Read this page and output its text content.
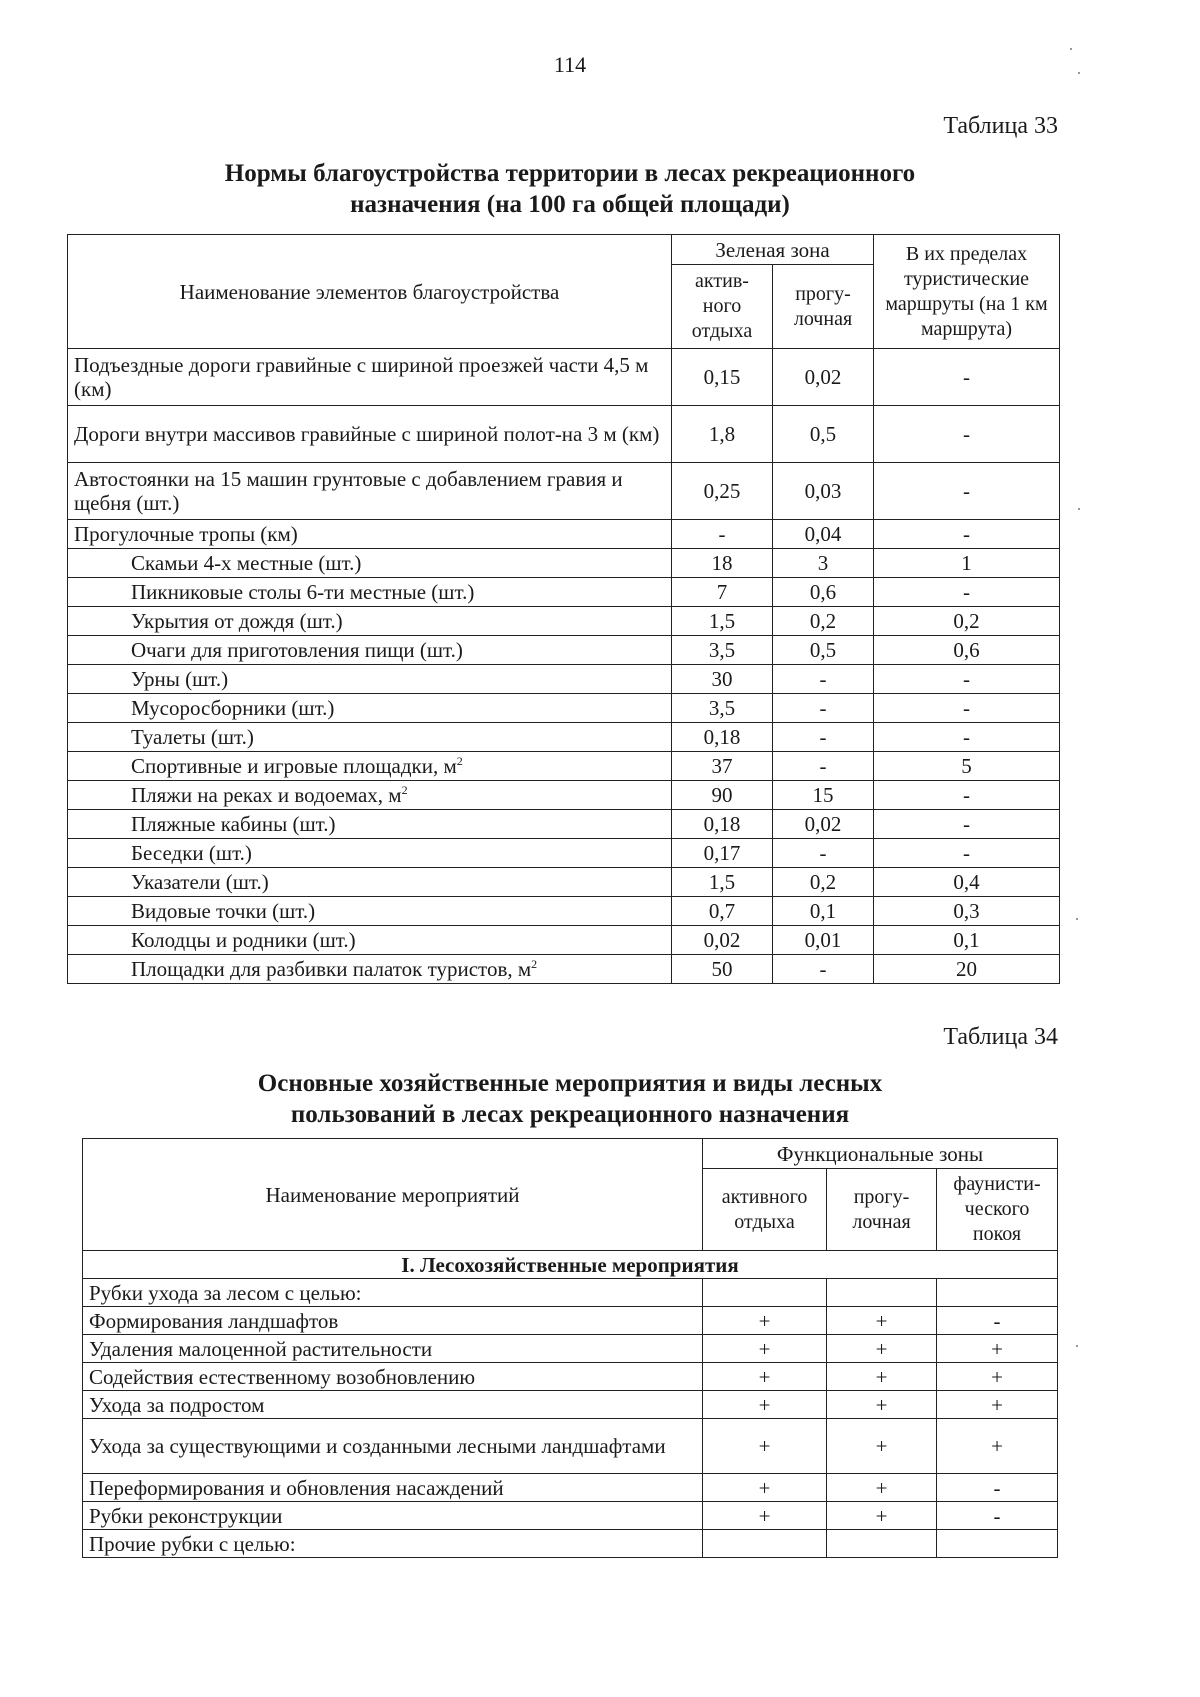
114
Таблица 33
Нормы благоустройства территории в лесах рекреационного
назначения (на 100 га общей площади)
Наименование элементов благоустройства	Зеленая зона		В их пределах туристические маршруты (на 1 км маршрута)
	актив-ного отдыха	прогу-лочная	
Подъездные дороги гравийные с шириной проезжей части 4,5 м (км)	0,15	0,02	-
Дороги внутри массивов гравийные с шириной полот-на 3 м (км)	1,8	0,5	-
Автостоянки на 15 машин грунтовые с добавлением гравия и щебня (шт.)	0,25	0,03	-
Прогулочные тропы (км)	-	0,04	-
Скамьи 4-х местные (шт.)	18	3	1
Пикниковые столы 6-ти местные (шт.)	7	0,6	-
Укрытия от дождя (шт.)	1,5	0,2	0,2
Очаги для приготовления пищи (шт.)	3,5	0,5	0,6
Урны (шт.)	30	-	-
Мусоросборники (шт.)	3,5	-	-
Туалеты (шт.)	0,18	-	-
Спортивные и игровые площадки, $м^2$	37	-	5
Пляжи на реках и водоемах, $м^2$	90	15	-
Пляжные кабины (шт.)	0,18	0,02	-
Беседки (шт.)	0,17	-	-
Указатели (шт.)	1,5	0,2	0,4
Видовые точки (шт.)	0,7	0,1	0,3
Колодцы и родники (шт.)	0,02	0,01	0,1
Площадки для разбивки палаток туристов, $м^2$	50	-	20
Таблица 34
Основные хозяйственные мероприятия и виды лесных
пользований в лесах рекреационного назначения
Наименование мероприятий	Функциональные зоны		
	активного отдыха	прогу-лочная	фаунисти-ческого покоя
I. Лесохозяйственные мероприятия			
Рубки ухода за лесом с целью:			
Формирования ландшафтов	+	+	-
Удаления малоценной растительности	+	+	+
Содействия естественному возобновлению	+	+	+
Ухода за подростом	+	+	+
Ухода за существующими и созданными лесными ландшафтами	+	+	+
Переформирования и обновления насаждений	+	+	-
Рубки реконструкции	+	+	-
Прочие рубки с целью:			
